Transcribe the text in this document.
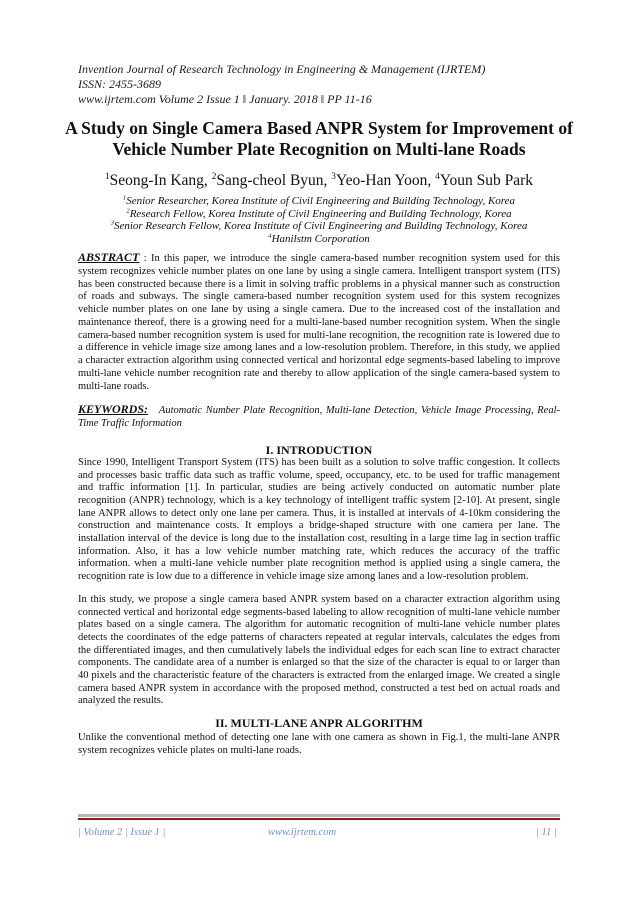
Invention Journal of Research Technology in Engineering & Management (IJRTEM)
ISSN: 2455-3689
www.ijrtem.com Volume 2 Issue 1 ǁ January. 2018 ǁ PP 11-16
A Study on Single Camera Based ANPR System for Improvement of Vehicle Number Plate Recognition on Multi-lane Roads
$^1$Seong-In Kang, $^2$Sang-cheol Byun, $^3$Yeo-Han Yoon, $^4$Youn Sub Park
$^1$Senior Researcher, Korea Institute of Civil Engineering and Building Technology, Korea
$^2$Research Fellow, Korea Institute of Civil Engineering and Building Technology, Korea
$^3$Senior Research Fellow, Korea Institute of Civil Engineering and Building Technology, Korea
$^4$Hanilstm Corporation
ABSTRACT : In this paper, we introduce the single camera-based number recognition system used for this system recognizes vehicle number plates on one lane by using a single camera. Intelligent transport system (ITS) has been constructed because there is a limit in solving traffic problems in a physical manner such as construction of roads and subways. The single camera-based number recognition system used for this system recognizes vehicle number plates on one lane by using a single camera. Due to the increased cost of the installation and maintenance thereof, there is a growing need for a multi-lane-based number recognition system. When the single camera-based number recognition system is used for multi-lane recognition, the recognition rate is lowered due to a difference in vehicle image size among lanes and a low-resolution problem. Therefore, in this study, we applied a character extraction algorithm using connected vertical and horizontal edge segments-based labeling to improve multi-lane vehicle number recognition rate and thereby to allow application of the single camera-based system to multi-lane roads.
KEYWORDS: Automatic Number Plate Recognition, Multi-lane Detection, Vehicle Image Processing, Real-Time Traffic Information
I. INTRODUCTION
Since 1990, Intelligent Transport System (ITS) has been built as a solution to solve traffic congestion. It collects and processes basic traffic data such as traffic volume, speed, occupancy, etc. to be used for traffic management and traffic information [1]. In particular, studies are being actively conducted on automatic number plate recognition (ANPR) technology, which is a key technology of intelligent traffic system [2-10]. At present, single lane ANPR allows to detect only one lane per camera. Thus, it is installed at intervals of 4-10km considering the construction and maintenance costs. It employs a bridge-shaped structure with one camera per lane. The installation interval of the device is long due to the installation cost, resulting in a large time lag in section traffic information. Also, it has a low vehicle number matching rate, which reduces the accuracy of the traffic information. when a multi-lane vehicle number plate recognition method is applied using a single camera, the recognition rate is low due to a difference in vehicle image size among lanes and a low-resolution problem.
In this study, we propose a single camera based ANPR system based on a character extraction algorithm using connected vertical and horizontal edge segments-based labeling to allow recognition of multi-lane vehicle number plates based on a single camera. The algorithm for automatic recognition of multi-lane vehicle number plates detects the coordinates of the edge patterns of characters repeated at regular intervals, calculates the edges from the differentiated images, and then cumulatively labels the individual edges for each scan line to extract character components. The candidate area of a number is enlarged so that the size of the character is equal to or larger than 40 pixels and the characteristic feature of the characters is extracted from the enlarged image. We created a single camera based ANPR system in accordance with the proposed method, constructed a test bed on actual roads and analyzed the results.
II. MULTI-LANE ANPR ALGORITHM
Unlike the conventional method of detecting one lane with one camera as shown in Fig.1, the multi-lane ANPR system recognizes vehicle plates on multi-lane roads.
| Volume 2 | Issue 1 |	www.ijrtem.com	| 11 |
